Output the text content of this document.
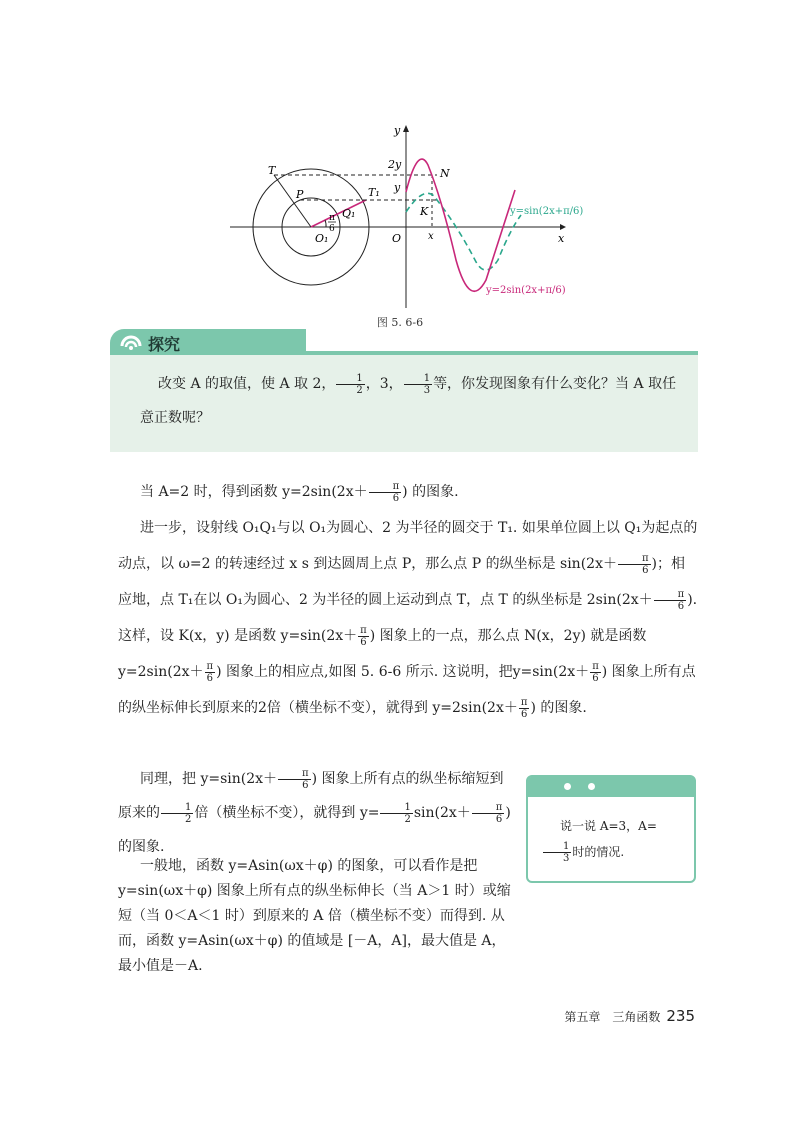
y
x
O
O₁
T
P	T₁
Q₁
N
K
2y
y
x
π
6
y=sin(2x+π/6)
y=2sin(2x+π/6)
图 5. 6-6
探究
改变 A 的取值，使 A 取 2， $\frac{1}{2}$ ，3， $\frac{1}{3}$ 等，你发现图象有什么变化？当 A 取任意正数呢？
当 A=2 时，得到函数 $y=2\sin(2x+ \frac{\pi}{6}$ ) 的图象.
进一步，设射线 O₁Q₁与以 O₁为圆心、2 为半径的圆交于 T₁. 如果单位圆上以 Q₁为起点的动点，以 ω=2 的转速经过 x s 到达圆周上点 P，那么点 P 的纵坐标是 $\sin(2x+ \frac{\pi}{6}$ )；相应地，点 T₁在以 O₁为圆心、2 为半径的圆上运动到点 T，点 T 的纵坐标是 $2\sin(2x+ \frac{\pi}{6}$ ).
这样，设 K(x，y) 是函数 $y=\sin(2x+ \frac{\pi}{6}$ ) 图象上的一点，那么点 N(x，2y) 就是函数 $y=2\sin(2x+ \frac{\pi}{6}$ ) 图象上的相应点,如图 5. 6-6 所示. 这说明，把$y=\sin(2x+ \frac{\pi}{6}$ ) 图象上所有点的纵坐标伸长到原来的2倍（横坐标不变），就得到 $y=2\sin(2x+ \frac{\pi}{6}$ ) 的图象.
同理，把 $y=\sin(2x+ \frac{\pi}{6}$ ) 图象上所有点的纵坐标缩短到原来的 $\frac{1}{2}$ 倍（横坐标不变），就得到 $y= \frac{1}{2} \sin(2x+ \frac{\pi}{6}$ ) 的图象.
一般地，函数 y=Asin(ωx＋φ) 的图象，可以看作是把 y=sin(ωx＋φ) 图象上所有点的纵坐标伸长（当 A＞1 时）或缩短（当 0＜A＜1 时）到原来的 A 倍（横坐标不变）而得到. 从而，函数 y=Asin(ωx＋φ) 的值域是 [－A，A]，最大值是 A，最小值是－A.
说一说 A=3，A=
$\frac{1}{3}$ 时的情况.
第五章　三角函数 235
